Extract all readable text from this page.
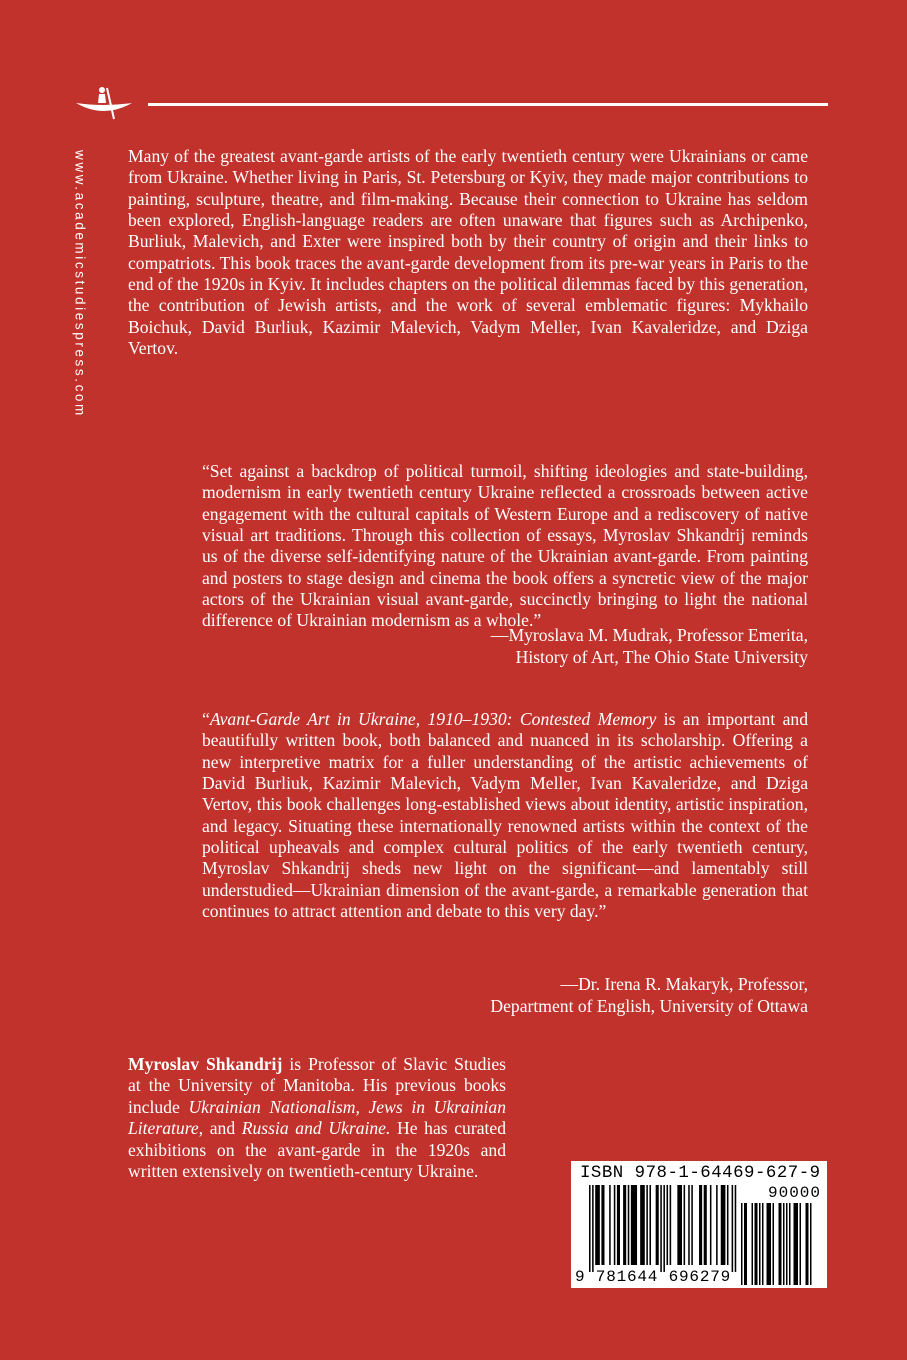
www.academicstudiespress.com	Many of the greatest avant-garde artists of the early twentieth century were Ukrainians or came from Ukraine. Whether living in Paris, St. Petersburg or Kyiv, they made major contributions to painting, sculpture, theatre, and film-making. Because their connection to Ukraine has seldom been explored, English-language readers are often unaware that figures such as Archipenko, Burliuk, Malevich, and Exter were inspired both by their country of origin and their links to compatriots. This book traces the avant-garde development from its pre-war years in Paris to the end of the 1920s in Kyiv. It includes chapters on the political dilemmas faced by this generation, the contribution of Jewish artists, and the work of several emblematic figures: Mykhailo Boichuk, David Burliuk, Kazimir Malevich, Vadym Meller, Ivan Kavaleridze, and Dziga Vertov.

“Set against a backdrop of political turmoil, shifting ideologies and state-building, modernism in early twentieth century Ukraine reflected a crossroads between active engagement with the cultural capitals of Western Europe and a rediscovery of native visual art traditions. Through this collection of essays, Myroslav Shkandrij reminds us of the diverse self-identifying nature of the Ukrainian avant-garde. From painting and posters to stage design and cinema the book offers a syncretic view of the major actors of the Ukrainian visual avant-garde, succinctly bringing to light the national difference of Ukrainian modernism as a whole.”

—Myroslava M. Mudrak, Professor Emerita,
History of Art, The Ohio State University

“Avant-Garde Art in Ukraine, 1910–1930: Contested Memory is an important and beautifully written book, both balanced and nuanced in its scholarship. Offering a new interpretive matrix for a fuller understanding of the artistic achievements of David Burliuk, Kazimir Malevich, Vadym Meller, Ivan Kavaleridze, and Dziga Vertov, this book challenges long-established views about identity, artistic inspiration, and legacy. Situating these internationally renowned artists within the context of the political upheavals and complex cultural politics of the early twentieth century, Myroslav Shkandrij sheds new light on the significant—and lamentably still understudied—Ukrainian dimension of the avant-garde, a remarkable generation that continues to attract attention and debate to this very day.”

—Dr. Irena R. Makaryk, Professor,
Department of English, University of Ottawa

Myroslav Shkandrij is Professor of Slavic Studies at the University of Manitoba. His previous books include Ukrainian Nationalism, Jews in Ukrainian Literature, and Russia and Ukraine. He has curated exhibitions on the avant-garde in the 1920s and written extensively on twentieth-century Ukraine.	ISBN 978-1-64469-627-9
90000
9 781644 696279
